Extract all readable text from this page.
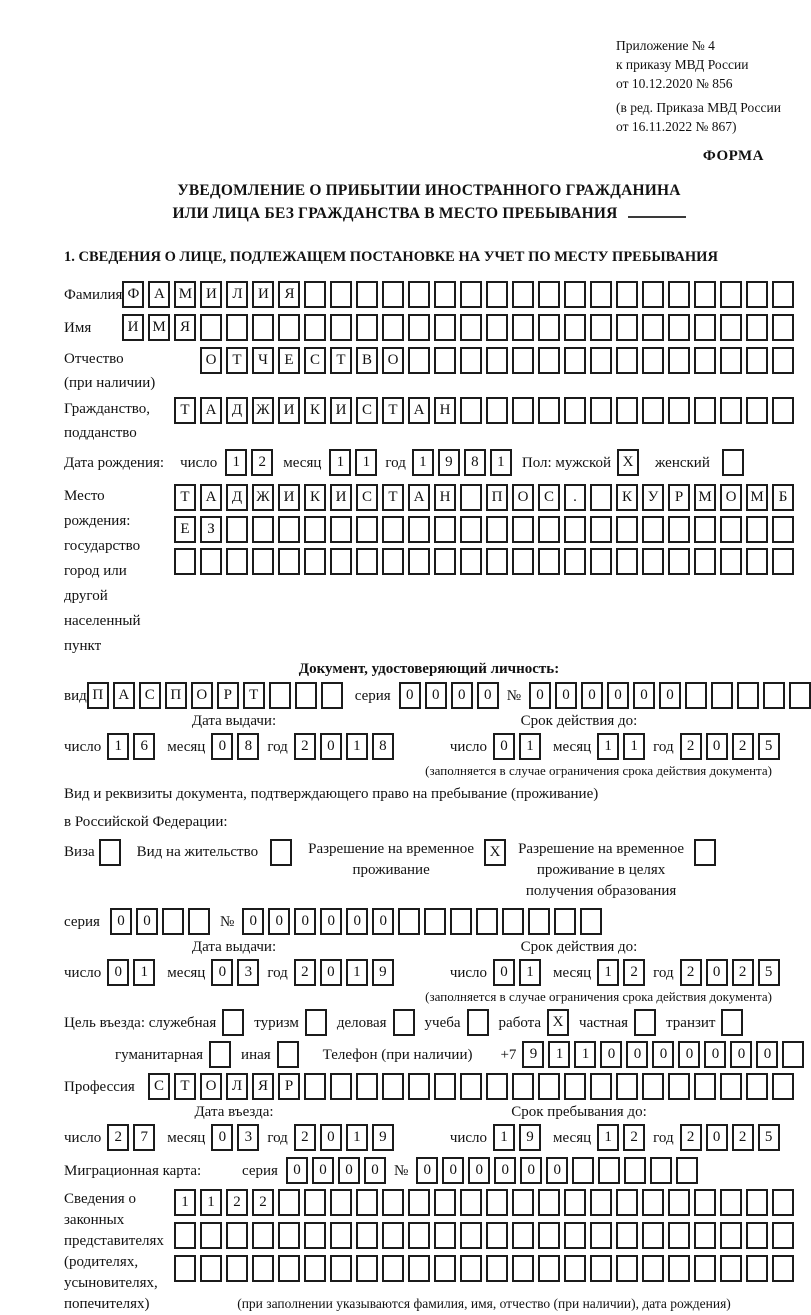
Приложение № 4
к приказу МВД России
от 10.12.2020 № 856
(в ред. Приказа МВД России
от 16.11.2022 № 867)
ФОРМА
УВЕДОМЛЕНИЕ О ПРИБЫТИИ ИНОСТРАННОГО ГРАЖДАНИНА
ИЛИ ЛИЦА БЕЗ ГРАЖДАНСТВА В МЕСТО ПРЕБЫВАНИЯ
1. СВЕДЕНИЯ О ЛИЦЕ, ПОДЛЕЖАЩЕМ ПОСТАНОВКЕ НА УЧЕТ ПО МЕСТУ ПРЕБЫВАНИЯ
Фамилия Ф А М И	Л	И	Я
Имя	И М Я
Отчество
(при наличии)
О	Т	Ч	Е	С	Т	В	О
Гражданство,
подданство
Т	А	Д Ж И	К	И	С	Т	А	Н
Дата рождения: число	1	2	месяц	1	1	год 1	9	8	1	Пол: мужской X	женский
Место рождения:
государство
город или другой
населенный пункт
Т	А	Д Ж И	К	И	С	Т	А	Н	П	О	С	.	К	У	Р	М О М	Б
Е	З
Документ, удостоверяющий личность:
вид П	А	С	П	О	Р	Т	серия	0	0	0	0	№	0	0	0	0	0	0
Дата выдачи:	Срок действия до:
число 1	6	месяц 0	8	год 2	0	1	8	число 0	1	месяц 1	1	год 2	0	2	5
(заполняется в случае ограничения срока действия документа)
Вид и реквизиты документа, подтверждающего право на пребывание (проживание)
в Российской Федерации:
Виза	Вид на жительство	Разрешение на временное
проживание
X	Разрешение на временное
проживание в целях
получения образования
серия	0	0	№	0	0	0	0	0	0
Дата выдачи:	Срок действия до:
число 0	1	месяц 0	3	год 2	0	1	9	число 0	1	месяц 1	2	год 2	0	2	5
(заполняется в случае ограничения срока действия документа)
Цель въезда: служебная	туризм	деловая	учеба	работа X	частная	транзит
гуманитарная	иная	Телефон (при наличии) +7 9	1	1	0	0	0	0	0	0	0
Профессия	С	Т	О	Л	Я	Р
Дата въезда:	Срок пребывания до:
число 2	7	месяц 0	3	год 2	0	1	9	число 1	9	месяц 1	2	год 2	0	2	5
Миграционная карта:	серия	0	0	0	0	№	0	0	0	0	0	0
Сведения о
законных
представителях
(родителях,
усыновителях,
попечителях)
1	1	2	2
(при заполнении указываются фамилия, имя, отчество (при наличии), дата рождения)
